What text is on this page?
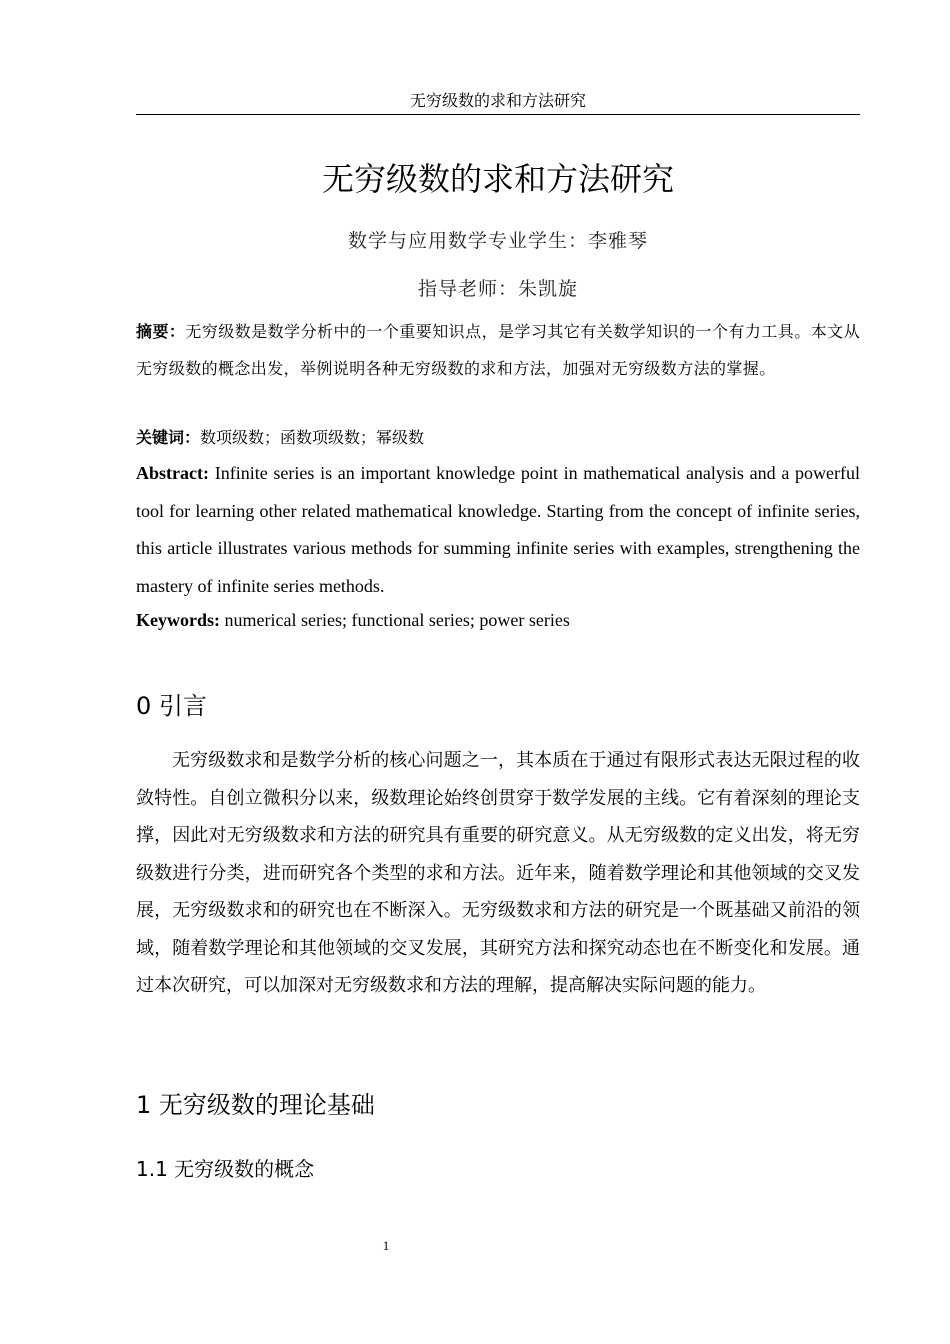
无穷级数的求和方法研究
无穷级数的求和方法研究
数学与应用数学专业学生：李雅琴
指导老师：朱凯旋
摘要：无穷级数是数学分析中的一个重要知识点，是学习其它有关数学知识的一个有力工具。本文从无穷级数的概念出发，举例说明各种无穷级数的求和方法，加强对无穷级数方法的掌握。
关键词：数项级数；函数项级数；幂级数
Abstract: Infinite series is an important knowledge point in mathematical analysis and a powerful tool for learning other related mathematical knowledge. Starting from the concept of infinite series, this article illustrates various methods for summing infinite series with examples, strengthening the mastery of infinite series methods.
Keywords: numerical series; functional series; power series
0 引言
无穷级数求和是数学分析的核心问题之一，其本质在于通过有限形式表达无限过程的收敛特性。自创立微积分以来，级数理论始终创贯穿于数学发展的主线。它有着深刻的理论支撑，因此对无穷级数求和方法的研究具有重要的研究意义。从无穷级数的定义出发，将无穷级数进行分类，进而研究各个类型的求和方法。近年来，随着数学理论和其他领域的交叉发展，无穷级数求和的研究也在不断深入。无穷级数求和方法的研究是一个既基础又前沿的领域，随着数学理论和其他领域的交叉发展，其研究方法和探究动态也在不断变化和发展。通过本次研究，可以加深对无穷级数求和方法的理解，提高解决实际问题的能力。
1 无穷级数的理论基础
1.1 无穷级数的概念
1
